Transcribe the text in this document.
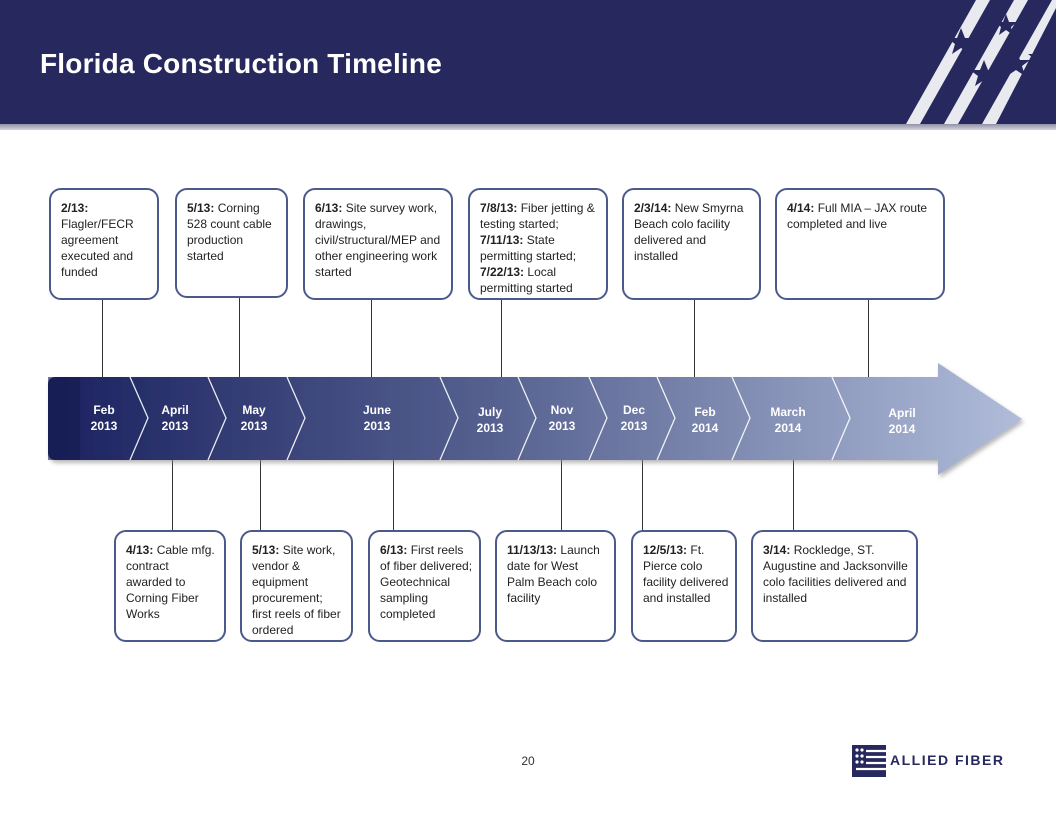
Florida Construction Timeline
Feb
2013
April
2013
May
2013
June
2013
July
2013
Nov
2013
Dec
2013
Feb
2014
March
2014
April
2014
2/13: Flagler/FECR agreement executed and funded
5/13: Corning 528 count cable production started
6/13: Site survey work, drawings, civil/structural/MEP and other engineering work started
7/8/13: Fiber jetting & testing started; 7/11/13: State permitting started; 7/22/13: Local permitting started
2/3/14: New Smyrna Beach colo facility delivered and installed
4/14: Full MIA – JAX route completed and live
4/13: Cable mfg. contract awarded to Corning Fiber Works
5/13: Site work, vendor & equipment procurement; first reels of fiber ordered
6/13: First reels of fiber delivered; Geotechnical sampling completed
11/13/13: Launch date for West Palm Beach colo facility
12/5/13: Ft. Pierce colo facility delivered and installed
3/14: Rockledge, ST. Augustine and Jacksonville colo facilities delivered and installed
20	ALLIED FIBER
